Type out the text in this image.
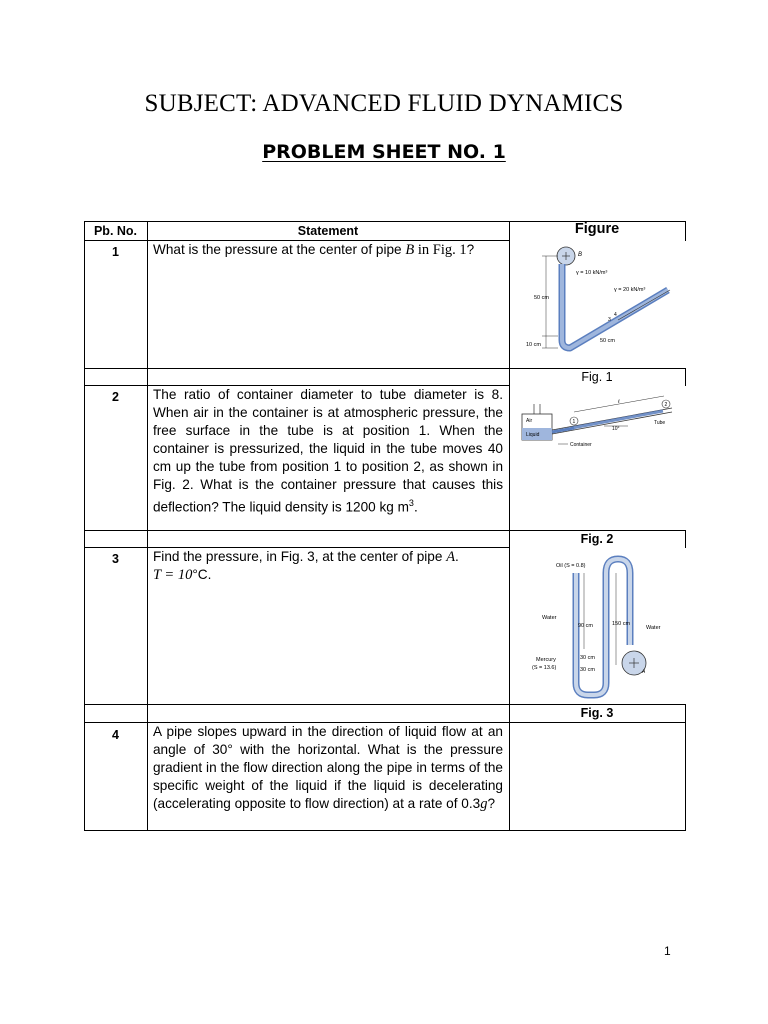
SUBJECT: ADVANCED FLUID DYNAMICS
PROBLEM SHEET NO. 1
Pb. No.	Statement	Figure
1	What is the pressure at the center of pipe B in Fig. 1?	B
50 cm
10 cm
50 cm
γ = 10 kN/m³
γ = 20 kN/m³
3
4
Fig. 1
2	The ratio of container diameter to tube diameter is 8. When air in the container is at atmospheric pressure, the free surface in the tube is at position 1. When the container is pressurized, the liquid in the tube moves 40 cm up the tube from position 1 to position 2, as shown in Fig. 2. What is the container pressure that causes this deflection? The liquid density is 1200 kg $m^3$.
Air
Liquid
1
2
ℓ
10°
Tube
Container
Fig. 2
3	Find the pressure, in Fig. 3, at the center of pipe A.
T = 10°C.
A
Oil (S = 0.8)
Water
Water
Mercury
(S = 13.6)
90 cm	150 cm
30 cm
30 cm
Fig. 3
4	A pipe slopes upward in the direction of liquid flow at an angle of 30° with the horizontal. What is the pressure gradient in the flow direction along the pipe in terms of the specific weight of the liquid if the liquid is decelerating (accelerating opposite to flow direction) at a rate of 0.3g?
1
